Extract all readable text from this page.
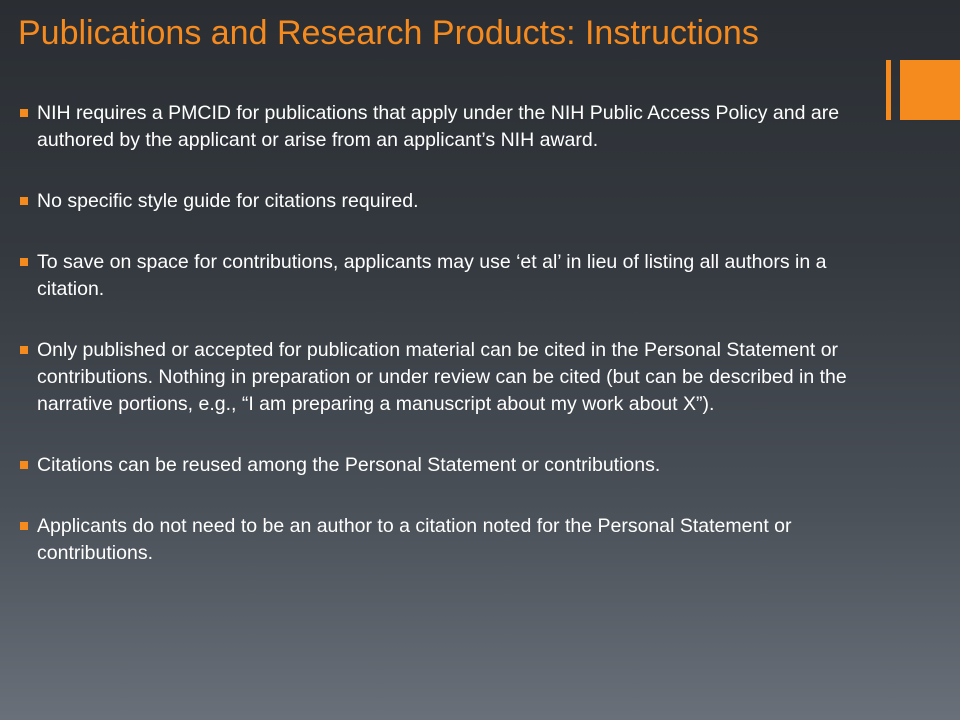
Publications and Research Products: Instructions
NIH requires a PMCID for publications that apply under the NIH Public Access Policy and are authored by the applicant or arise from an applicant’s NIH award.
No specific style guide for citations required.
To save on space for contributions, applicants may use ‘et al’ in lieu of listing all authors in a citation.
Only published or accepted for publication material can be cited in the Personal Statement or contributions. Nothing in preparation or under review can be cited (but can be described in the narrative portions, e.g., “I am preparing a manuscript about my work about X”).
Citations can be reused among the Personal Statement or contributions.
Applicants do not need to be an author to a citation noted for the Personal Statement or contributions.
